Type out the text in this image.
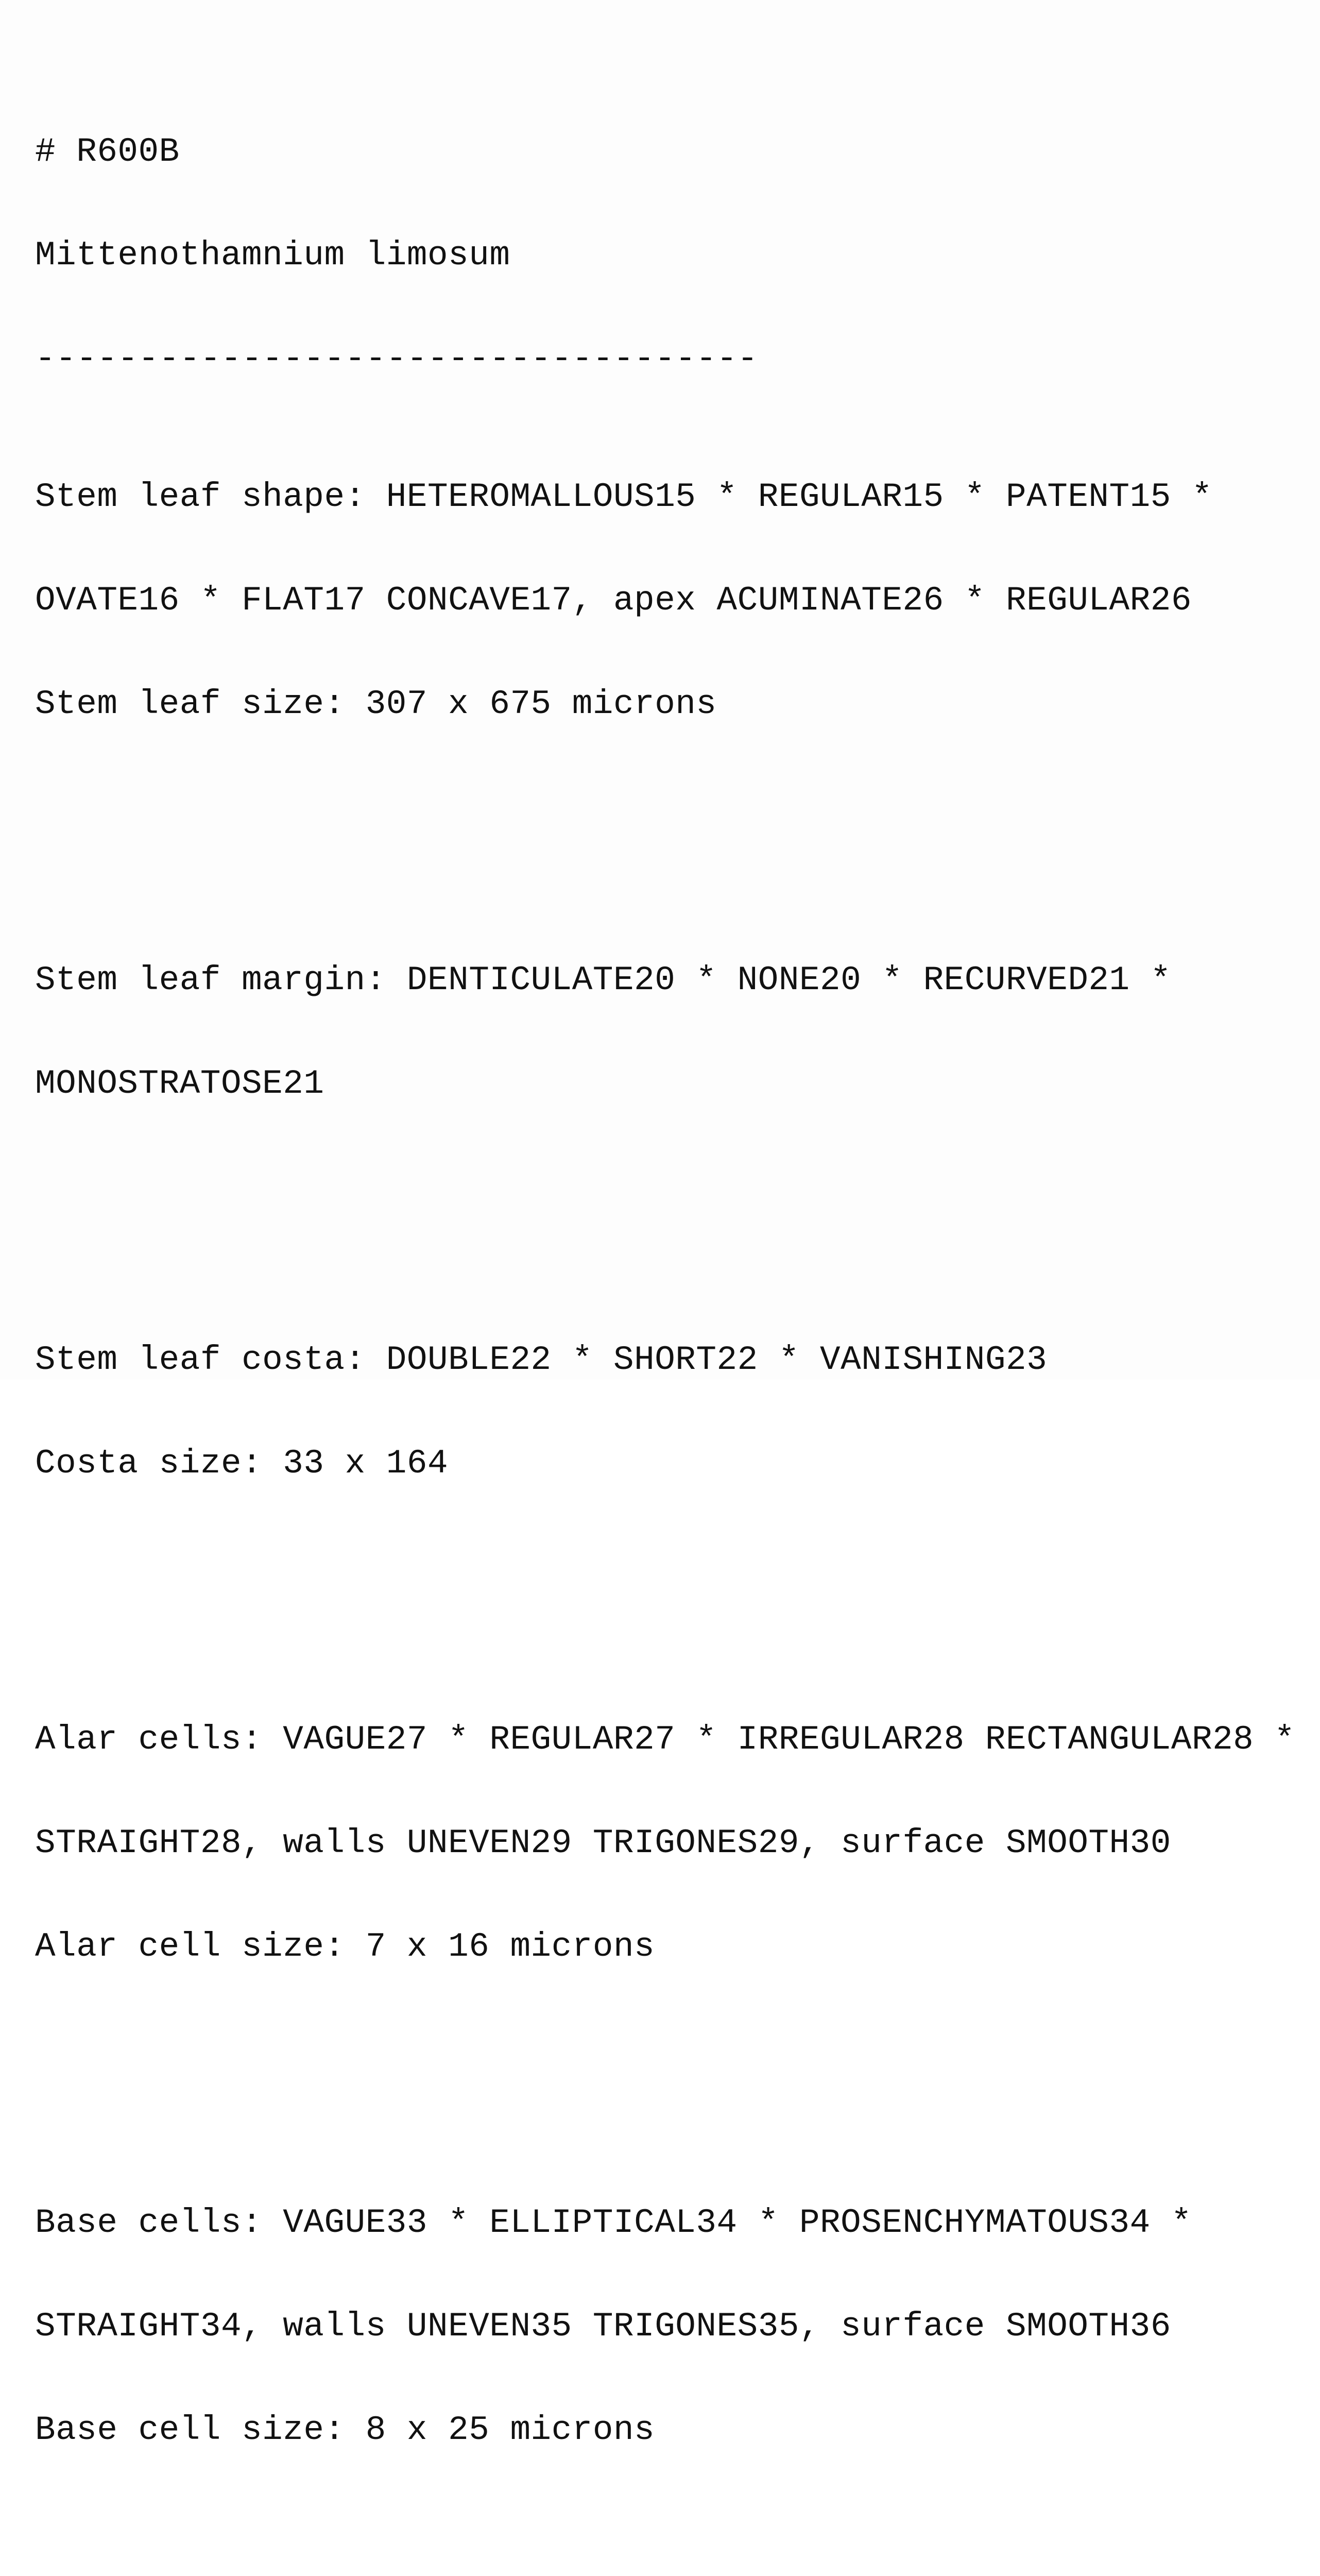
# R600B

Mittenothamnium limosum

-----------------------------------

Stem leaf shape: HETEROMALLOUS15 * REGULAR15 * PATENT15 *

OVATE16 * FLAT17 CONCAVE17, apex ACUMINATE26 * REGULAR26

Stem leaf size: 307 x 675 microns

Stem leaf margin: DENTICULATE20 * NONE20 * RECURVED21 *

MONOSTRATOSE21

Stem leaf costa: DOUBLE22 * SHORT22 * VANISHING23

Costa size: 33 x 164

Alar cells: VAGUE27 * REGULAR27 * IRREGULAR28 RECTANGULAR28 *

STRAIGHT28, walls UNEVEN29 TRIGONES29, surface SMOOTH30

Alar cell size: 7 x 16 microns

Base cells: VAGUE33 * ELLIPTICAL34 * PROSENCHYMATOUS34 *

STRAIGHT34, walls UNEVEN35 TRIGONES35, surface SMOOTH36

Base cell size: 8 x 25 microns
